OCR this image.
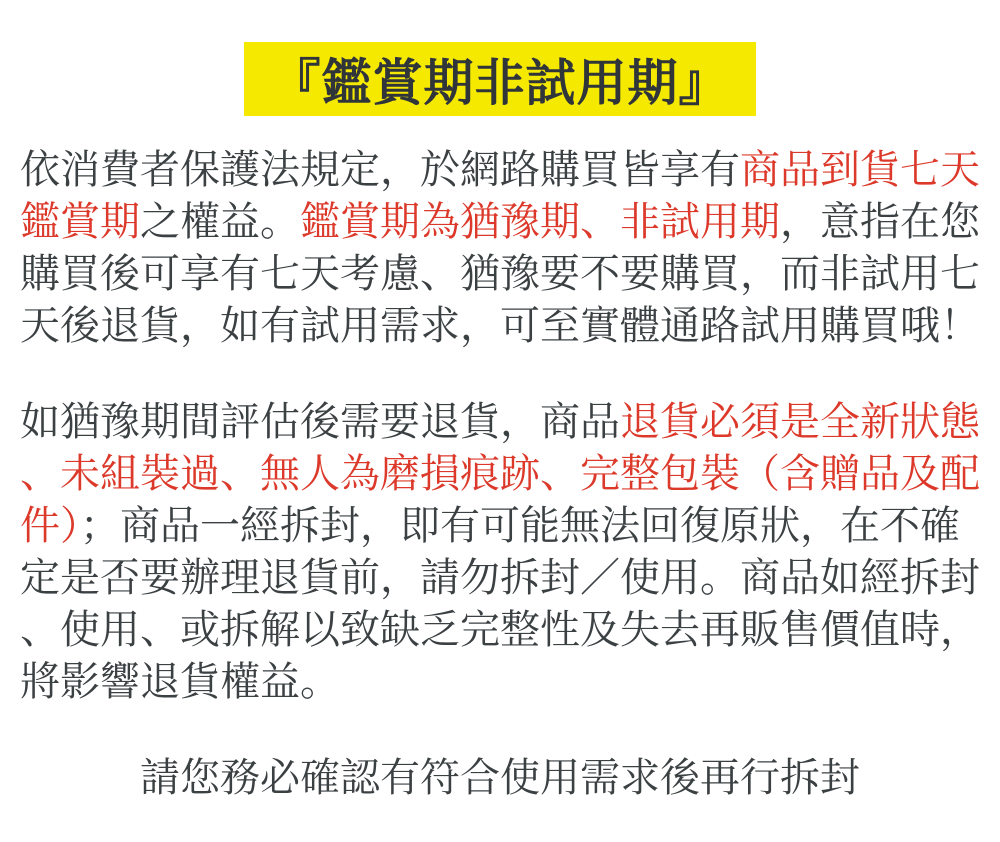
『鑑賞期非試用期』
依消費者保護法規定，於網路購買皆享有商品到貨七天
鑑賞期之權益。鑑賞期為猶豫期、非試用期，意指在您
購買後可享有七天考慮、猶豫要不要購買，而非試用七
天後退貨，如有試用需求，可至實體通路試用購買哦！
如猶豫期間評估後需要退貨，商品退貨必須是全新狀態
、未組裝過、無人為磨損痕跡、完整包裝（含贈品及配
件）；商品一經拆封，即有可能無法回復原狀，在不確
定是否要辦理退貨前，請勿拆封／使用。商品如經拆封
、使用、或拆解以致缺乏完整性及失去再販售價值時，
將影響退貨權益。
請您務必確認有符合使用需求後再行拆封
